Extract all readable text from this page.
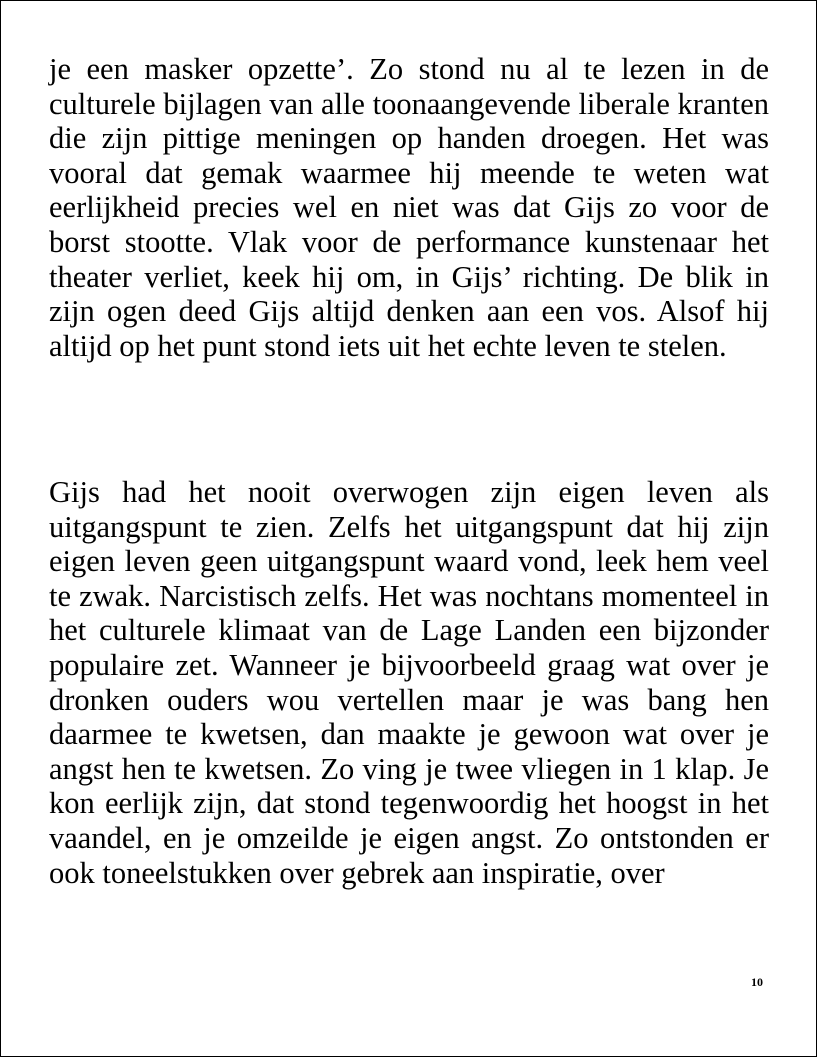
je een masker opzette’. Zo stond nu al te lezen in de culturele bijlagen van alle toonaangevende liberale kranten die zijn pittige meningen op handen droegen. Het was vooral dat gemak waarmee hij meende te weten wat eerlijkheid precies wel en niet was dat Gijs zo voor de borst stootte. Vlak voor de performance kunstenaar het theater verliet, keek hij om, in Gijs’ richting. De blik in zijn ogen deed Gijs altijd denken aan een vos. Alsof hij altijd op het punt stond iets uit het echte leven te stelen.
Gijs had het nooit overwogen zijn eigen leven als uitgangspunt te zien. Zelfs het uitgangspunt dat hij zijn eigen leven geen uitgangspunt waard vond, leek hem veel te zwak. Narcistisch zelfs. Het was nochtans momenteel in het culturele klimaat van de Lage Landen een bijzonder populaire zet. Wanneer je bijvoorbeeld graag wat over je dronken ouders wou vertellen maar je was bang hen daarmee te kwetsen, dan maakte je gewoon wat over je angst hen te kwetsen. Zo ving je twee vliegen in 1 klap. Je kon eerlijk zijn, dat stond tegenwoordig het hoogst in het vaandel, en je omzeilde je eigen angst. Zo ontstonden er ook toneelstukken over gebrek aan inspiratie, over
10
